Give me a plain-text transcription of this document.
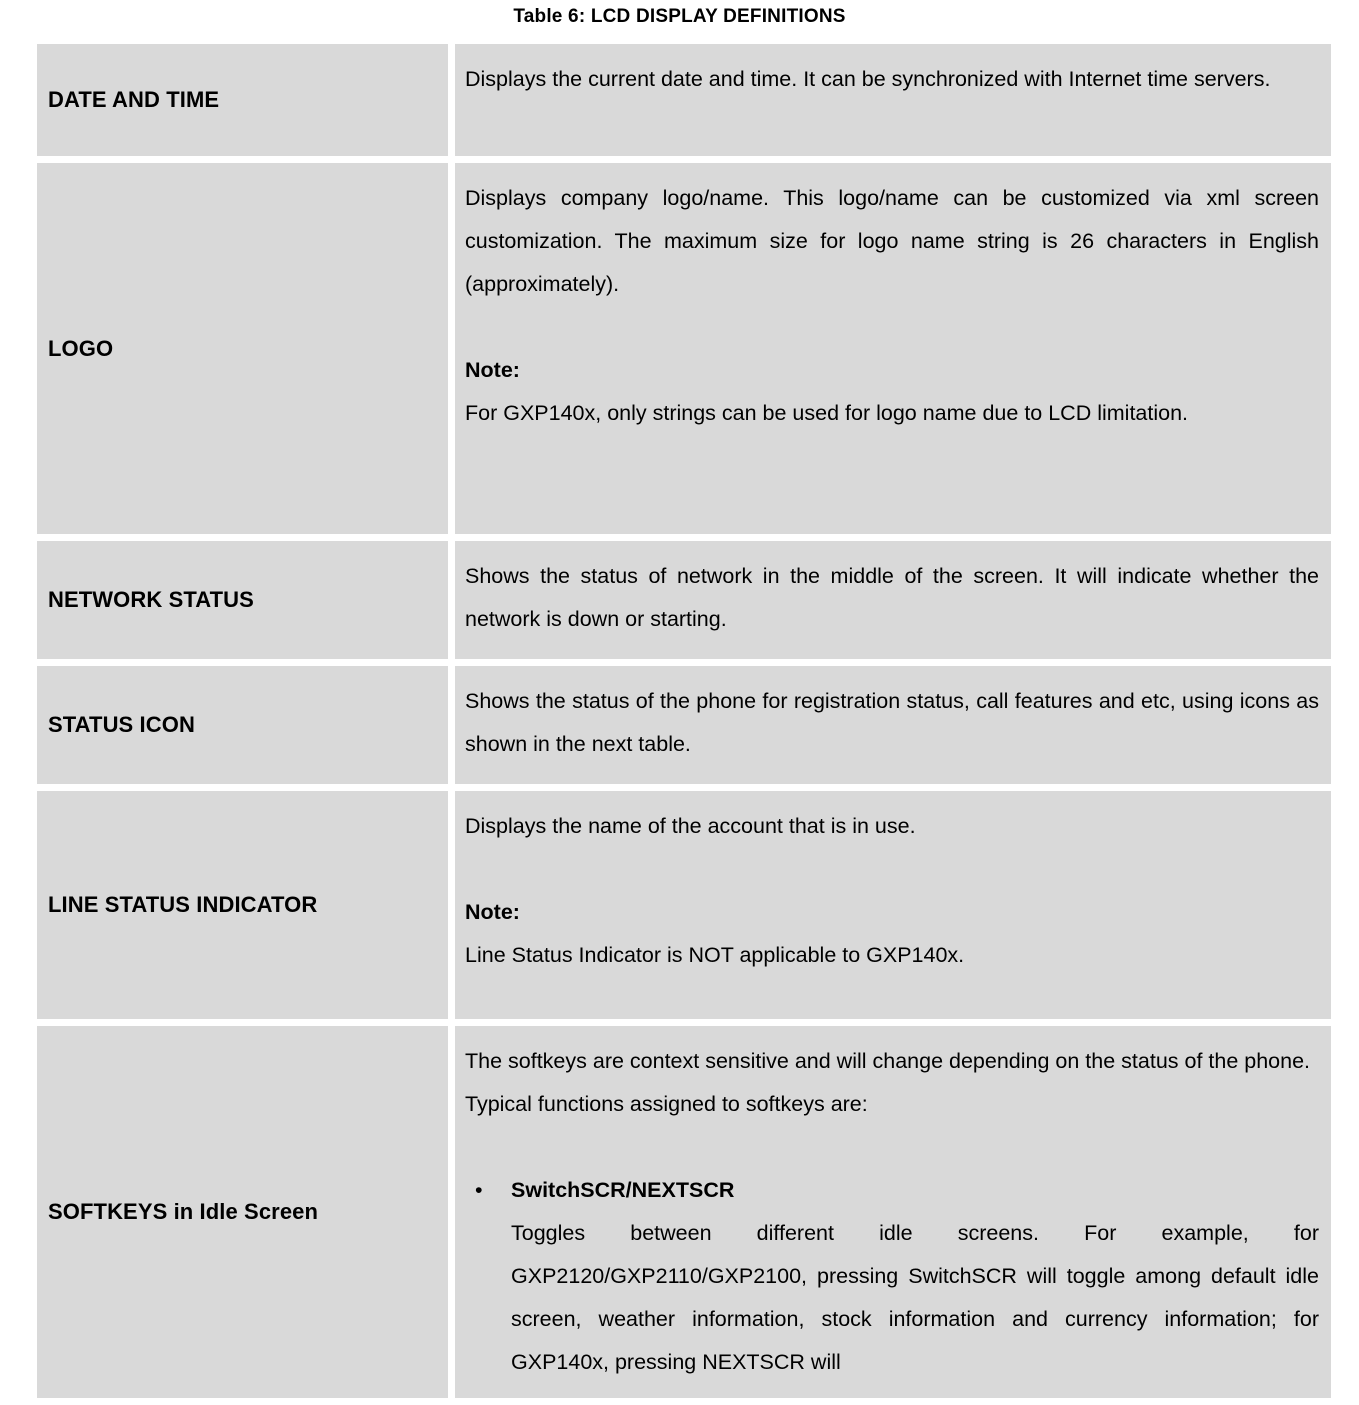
Table 6: LCD DISPLAY DEFINITIONS
DATE AND TIME	Displays the current date and time. It can be synchronized with Internet time servers.

LOGO	Displays company logo/name. This logo/name can be customized via xml screen customization. The maximum size for logo name string is 26 characters in English (approximately).

Note:

For GXP140x, only strings can be used for logo name due to LCD limitation.

NETWORK STATUS	Shows the status of network in the middle of the screen. It will indicate whether the network is down or starting.

STATUS ICON	Shows the status of the phone for registration status, call features and etc, using icons as shown in the next table.

LINE STATUS INDICATOR	Displays the name of the account that is in use.

Note:

Line Status Indicator is NOT applicable to GXP140x.

SOFTKEYS in Idle Screen	The softkeys are context sensitive and will change depending on the status of the phone. Typical functions assigned to softkeys are:

• SwitchSCR/NEXTSCR

Toggles between different idle screens. For example, for GXP2120/GXP2110/GXP2100, pressing SwitchSCR will toggle among default idle screen, weather information, stock information and currency information; for GXP140x, pressing NEXTSCR will
